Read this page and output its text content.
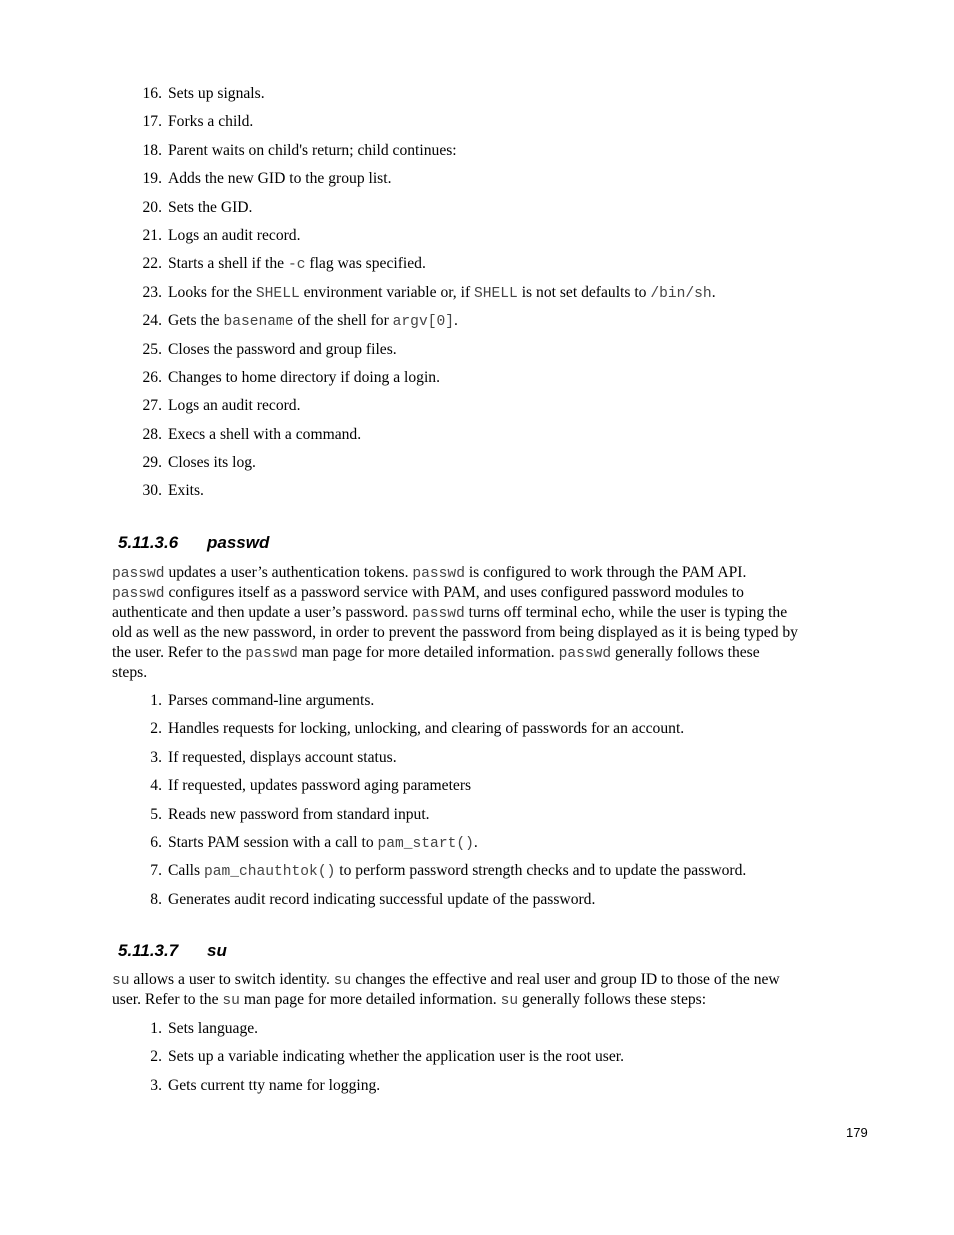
16. Sets up signals.
17. Forks a child.
18. Parent waits on child's return; child continues:
19. Adds the new GID to the group list.
20. Sets the GID.
21. Logs an audit record.
22. Starts a shell if the -c flag was specified.
23. Looks for the SHELL environment variable or, if SHELL is not set defaults to /bin/sh.
24. Gets the basename of the shell for argv[0].
25. Closes the password and group files.
26. Changes to home directory if doing a login.
27. Logs an audit record.
28. Execs a shell with a command.
29. Closes its log.
30. Exits.
5.11.3.6 passwd
passwd updates a user’s authentication tokens. passwd is configured to work through the PAM API.
passwd configures itself as a password service with PAM, and uses configured password modules to
authenticate and then update a user’s password. passwd turns off terminal echo, while the user is typing the
old as well as the new password, in order to prevent the password from being displayed as it is being typed by
the user. Refer to the passwd man page for more detailed information. passwd generally follows these
steps.
1. Parses command-line arguments.
2. Handles requests for locking, unlocking, and clearing of passwords for an account.
3. If requested, displays account status.
4. If requested, updates password aging parameters
5. Reads new password from standard input.
6. Starts PAM session with a call to pam_start().
7. Calls pam_chauthtok() to perform password strength checks and to update the password.
8. Generates audit record indicating successful update of the password.
5.11.3.7 su
su allows a user to switch identity. su changes the effective and real user and group ID to those of the new
user. Refer to the su man page for more detailed information. su generally follows these steps:
1. Sets language.
2. Sets up a variable indicating whether the application user is the root user.
3. Gets current tty name for logging.
179
